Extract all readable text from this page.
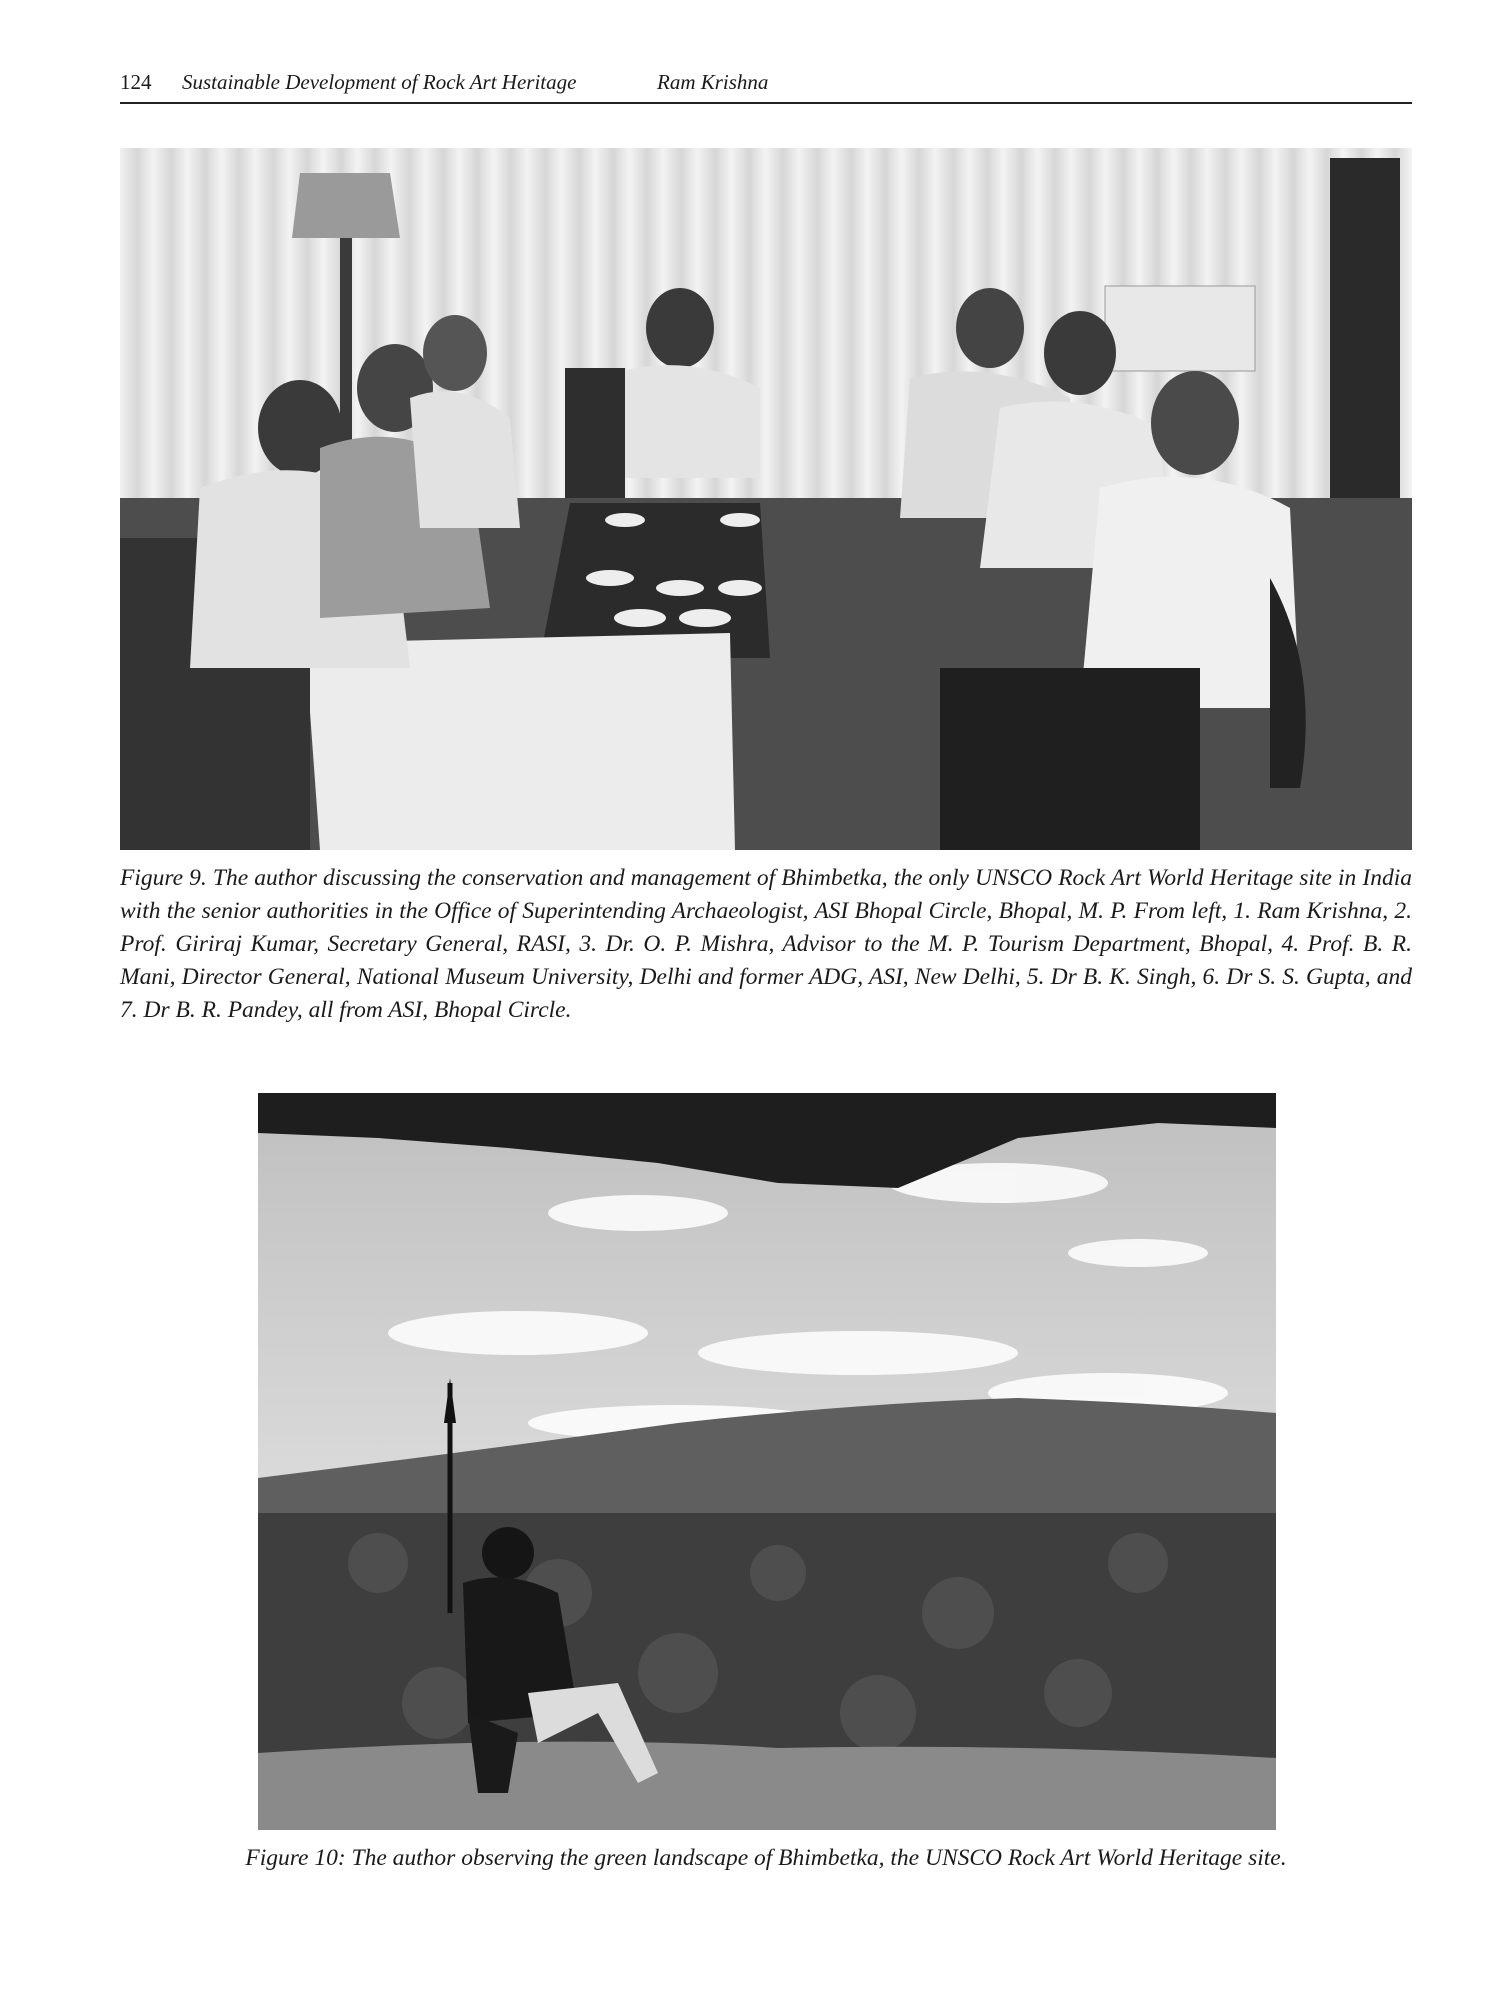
124 Sustainable Development of Rock Art Heritage	Ram Krishna
Figure 9. The author discussing the conservation and management of Bhimbetka, the only UNSCO Rock Art World Heritage site in India with the senior authorities in the Office of Superintending Archaeologist, ASI Bhopal Circle, Bhopal, M. P. From left, 1. Ram Krishna, 2. Prof. Giriraj Kumar, Secretary General, RASI, 3. Dr. O. P. Mishra, Advisor to the M. P. Tourism Department, Bhopal, 4. Prof. B. R. Mani, Director General, National Museum University, Delhi and former ADG, ASI, New Delhi, 5. Dr B. K. Singh, 6. Dr S. S. Gupta, and 7. Dr B. R. Pandey, all from ASI, Bhopal Circle.
Figure 10: The author observing the green landscape of Bhimbetka, the UNSCO Rock Art World Heritage site.
